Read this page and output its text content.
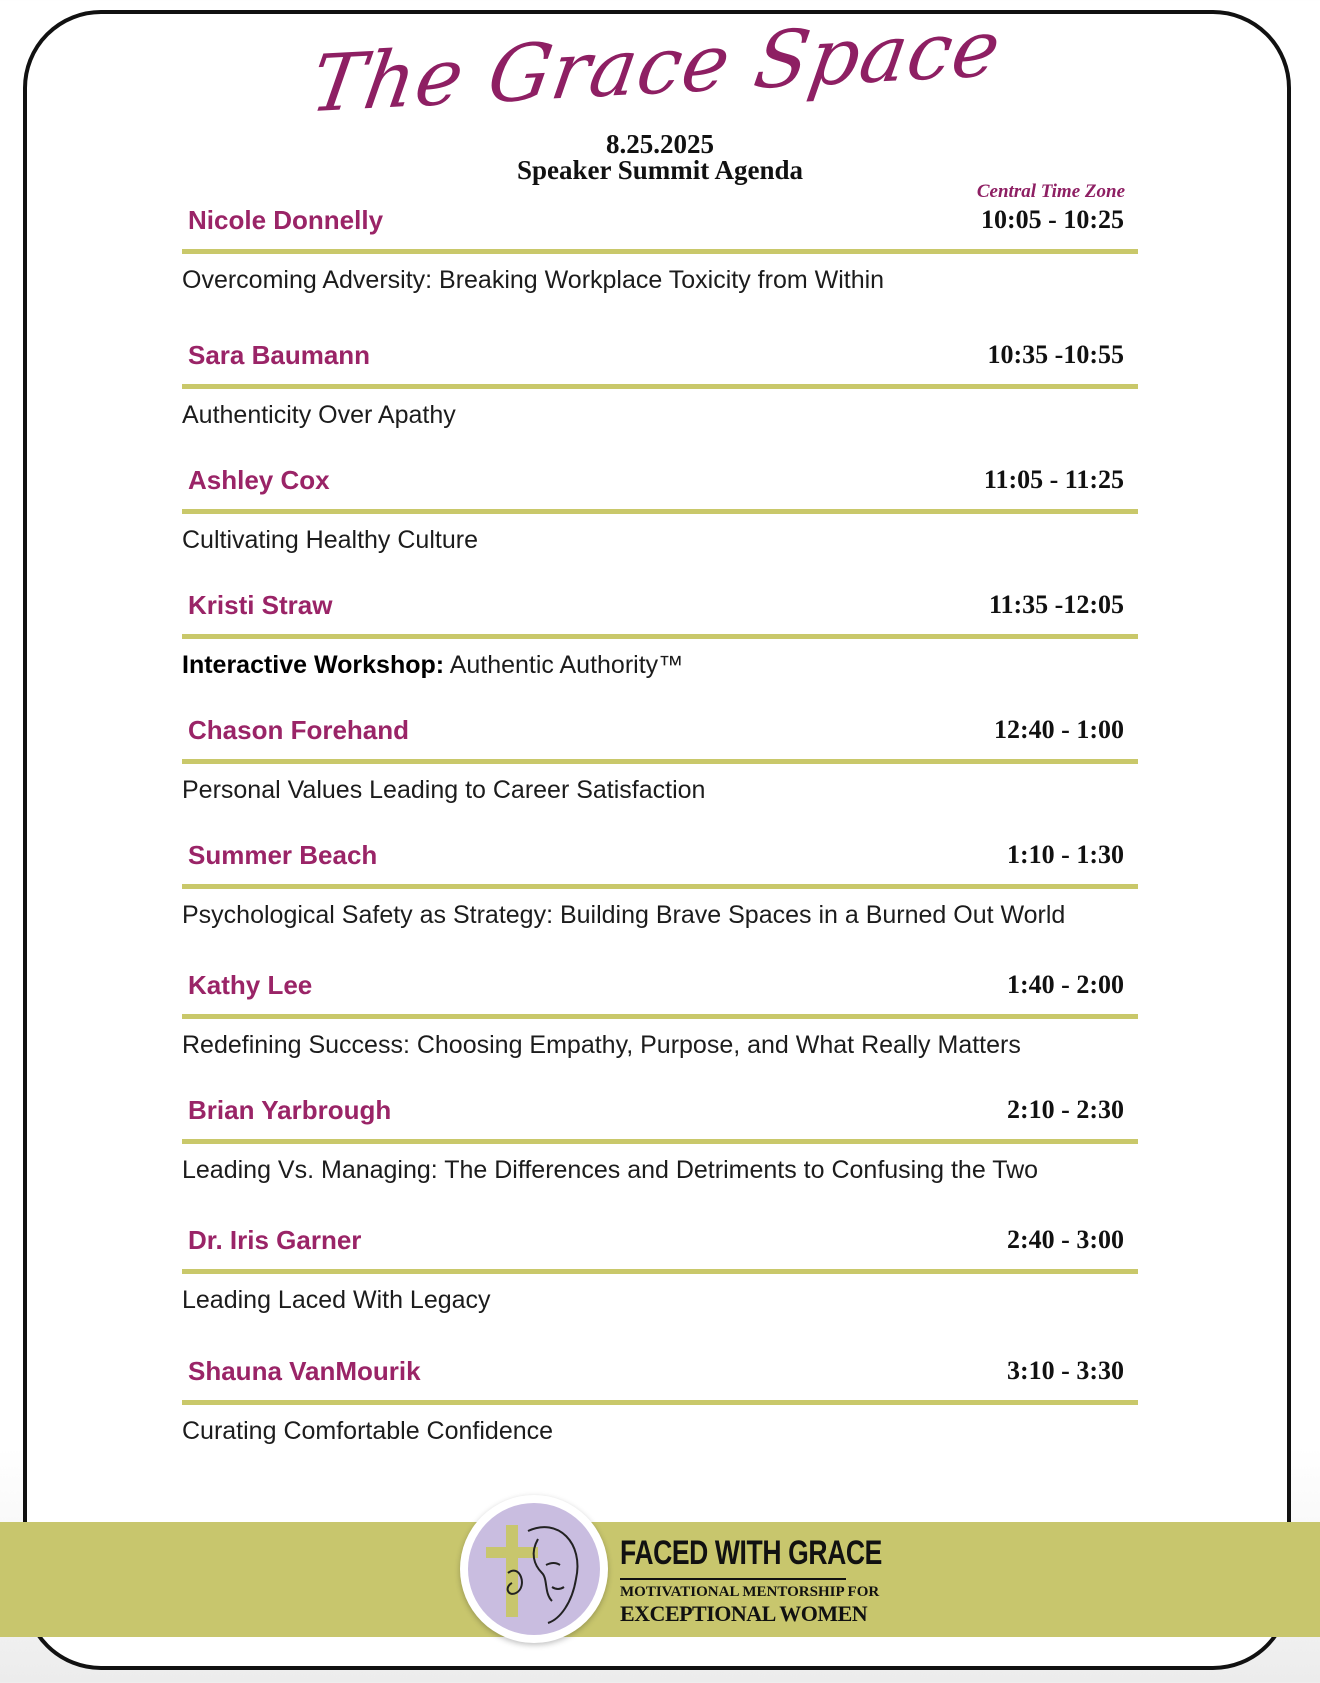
The Grace Space
8.25.2025
Speaker Summit Agenda
Central Time Zone
Nicole Donnelly	10:05 - 10:25
Overcoming Adversity: Breaking Workplace Toxicity from Within
Sara Baumann	10:35 -10:55
Authenticity Over Apathy
Ashley Cox	11:05 - 11:25
Cultivating Healthy Culture
Kristi Straw	11:35 -12:05
Interactive Workshop: Authentic Authority™
Chason Forehand	12:40 - 1:00
Personal Values Leading to Career Satisfaction
Summer Beach	1:10 - 1:30
Psychological Safety as Strategy: Building Brave Spaces in a Burned Out World
Kathy Lee	1:40 - 2:00
Redefining Success: Choosing Empathy, Purpose, and What Really Matters
Brian Yarbrough	2:10 - 2:30
Leading Vs. Managing: The Differences and Detriments to Confusing the Two
Dr. Iris Garner	2:40 - 3:00
Leading Laced With Legacy
Shauna VanMourik	3:10 - 3:30
Curating Comfortable Confidence
FACED WITH GRACE
MOTIVATIONAL MENTORSHIP FOR
EXCEPTIONAL WOMEN
